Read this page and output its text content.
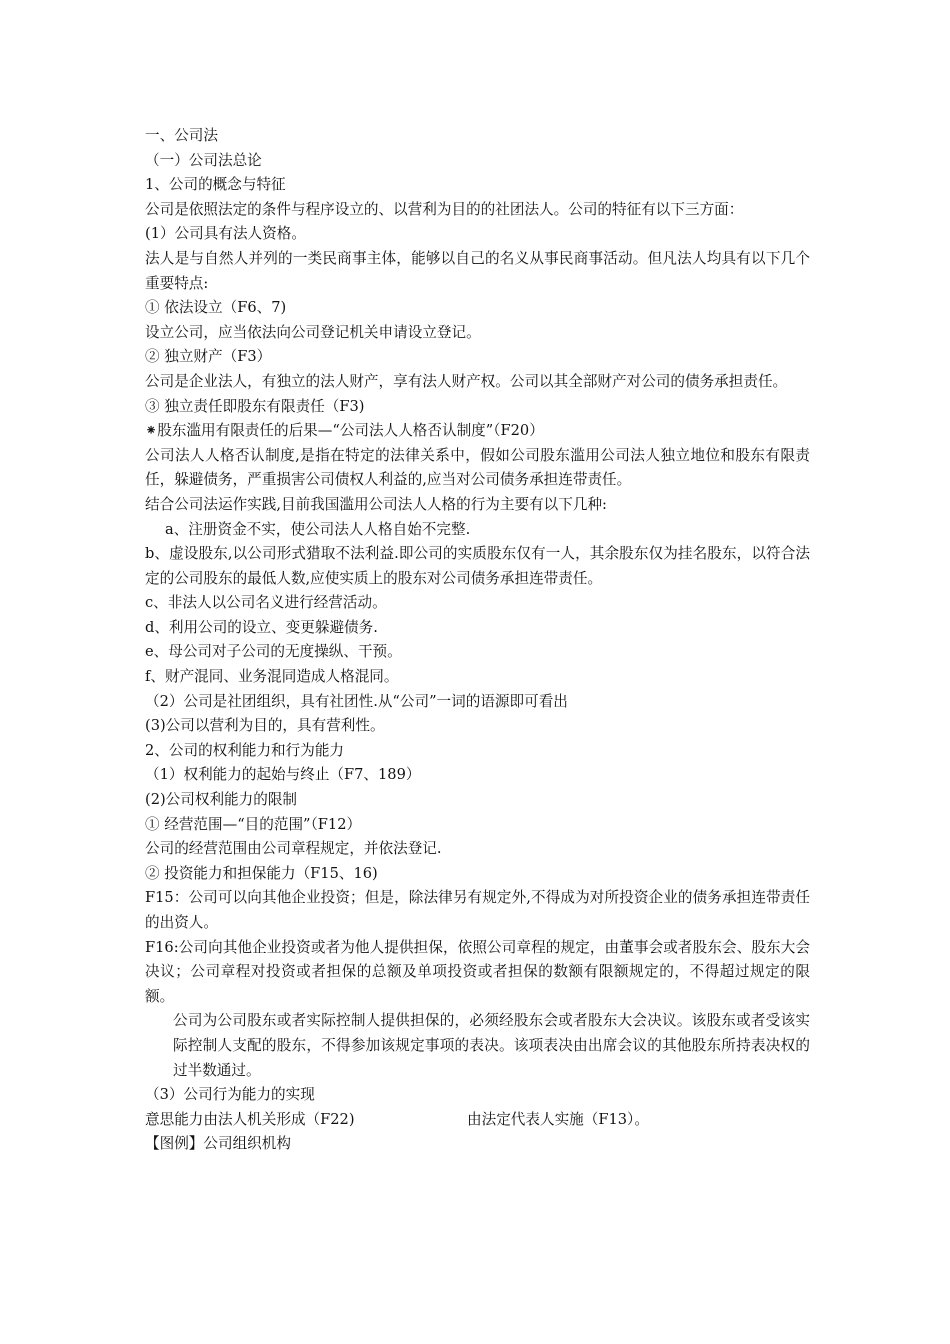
一、公司法
（一）公司法总论
1、公司的概念与特征
公司是依照法定的条件与程序设立的、以营利为目的的社团法人。公司的特征有以下三方面：
(1）公司具有法人资格。
法人是与自然人并列的一类民商事主体，能够以自己的名义从事民商事活动。但凡法人均具有以下几个重要特点:
① 依法设立（F6、7)
设立公司，应当依法向公司登记机关申请设立登记。
② 独立财产（F3）
公司是企业法人，有独立的法人财产，享有法人财产权。公司以其全部财产对公司的债务承担责任。
③ 独立责任即股东有限责任（F3)
⁕股东滥用有限责任的后果—“公司法人人格否认制度”（F20）
公司法人人格否认制度,是指在特定的法律关系中，假如公司股东滥用公司法人独立地位和股东有限责任，躲避债务，严重损害公司债权人利益的,应当对公司债务承担连带责任。
结合公司法运作实践,目前我国滥用公司法人人格的行为主要有以下几种:
a、注册资金不实，使公司法人人格自始不完整.
b、虚设股东,以公司形式猎取不法利益.即公司的实质股东仅有一人，其余股东仅为挂名股东，以符合法定的公司股东的最低人数,应使实质上的股东对公司债务承担连带责任。
c、非法人以公司名义进行经营活动。
d、利用公司的设立、变更躲避债务.
e、母公司对子公司的无度操纵、干预。
f、财产混同、业务混同造成人格混同。
（2）公司是社团组织，具有社团性.从“公司”一词的语源即可看出
(3)公司以营利为目的，具有营利性。
2、公司的权利能力和行为能力
（1）权利能力的起始与终止（F7、189）
(2)公司权利能力的限制
① 经营范围—“目的范围”（F12）
公司的经营范围由公司章程规定，并依法登记.
② 投资能力和担保能力（F15、16)
F15：公司可以向其他企业投资；但是，除法律另有规定外,不得成为对所投资企业的债务承担连带责任的出资人。
F16:公司向其他企业投资或者为他人提供担保，依照公司章程的规定，由董事会或者股东会、股东大会决议；公司章程对投资或者担保的总额及单项投资或者担保的数额有限额规定的，不得超过规定的限额。
公司为公司股东或者实际控制人提供担保的，必须经股东会或者股东大会决议。该股东或者受该实际控制人支配的股东，不得参加该规定事项的表决。该项表决由出席会议的其他股东所持表决权的过半数通过。
（3）公司行为能力的实现
意思能力由法人机关形成（F22)	由法定代表人实施（F13）。
【图例】公司组织机构
